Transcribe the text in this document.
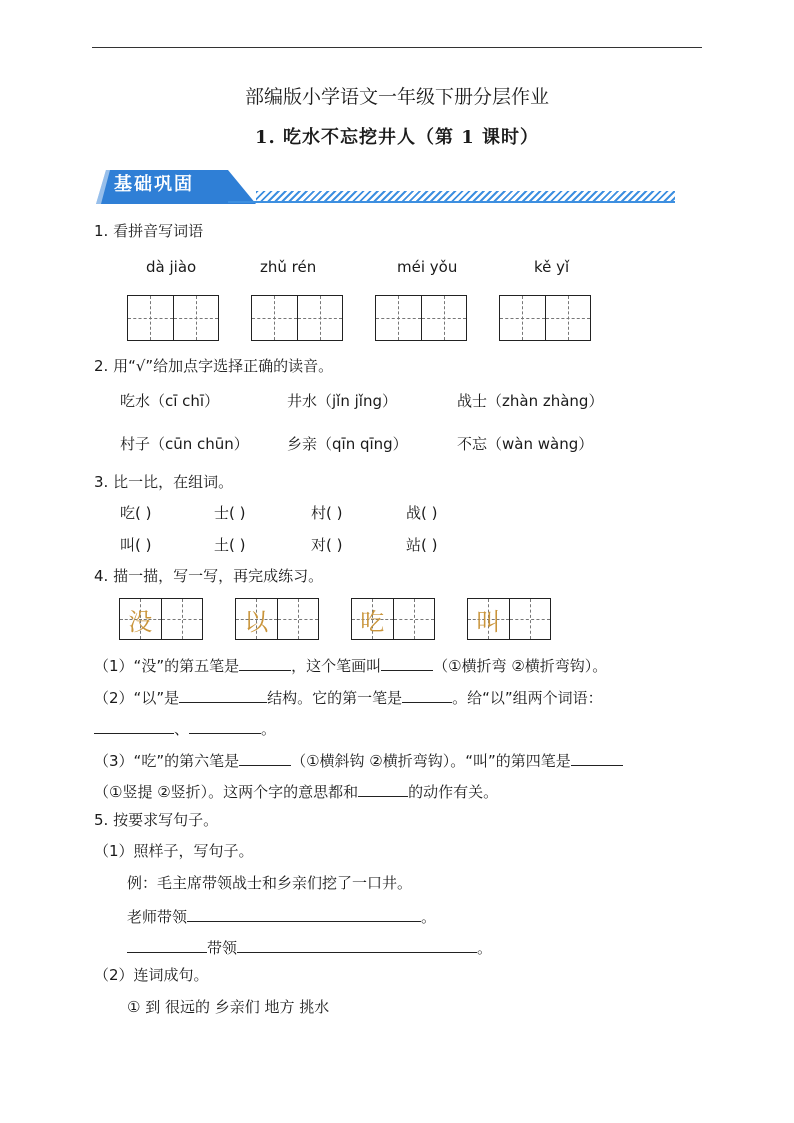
部编版小学语文一年级下册分层作业
1. 吃水不忘挖井人（第 1 课时）
基础巩固
1. 看拼音写词语
dà jiào	zhǔ rén	méi yǒu	kě yǐ
2. 用“√”给加点字选择正确的读音。
吃水（cī chī）	井水（jǐn jǐng）	战士（zhàn zhàng）
村子（cūn chūn）	乡亲（qīn qīng）	不忘（wàn wàng）
3. 比一比，在组词。
吃( )	士( )	村( )	战( )
叫( )	土( )	对( )	站( )
4. 描一描，写一写，再完成练习。
没	以	吃	叫
（1）“没”的第五笔是	，这个笔画叫	（①横折弯 ②横折弯钩）。
（2）“以”是	结构。它的第一笔是	。给“以”组两个词语：
、	。
（3）“吃”的第六笔是	（①横斜钩 ②横折弯钩）。“叫”的第四笔是
（①竖提 ②竖折）。这两个字的意思都和	的动作有关。
5. 按要求写句子。
（1）照样子，写句子。
例：毛主席带领战士和乡亲们挖了一口井。
老师带领	。
带领	。
（2）连词成句。
① 到 很远的 乡亲们 地方 挑水
